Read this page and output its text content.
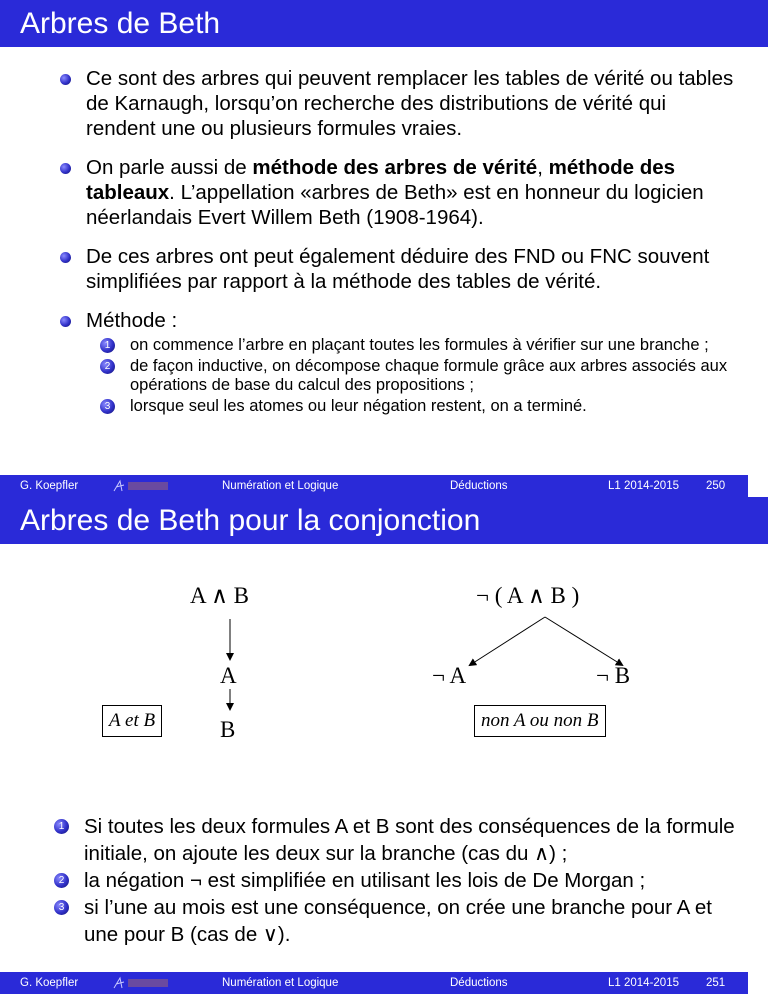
Arbres de Beth
Ce sont des arbres qui peuvent remplacer les tables de vérité ou tables de Karnaugh, lorsqu’on recherche des distributions de vérité qui rendent une ou plusieurs formules vraies.
On parle aussi de méthode des arbres de vérité, méthode des tableaux. L’appellation «arbres de Beth» est en honneur du logicien néerlandais Evert Willem Beth (1908-1964).
De ces arbres ont peut également déduire des FND ou FNC souvent simplifiées par rapport à la méthode des tables de vérité.
Méthode :
1 on commence l’arbre en plaçant toutes les formules à vérifier sur une branche ;
2 de façon inductive, on décompose chaque formule grâce aux arbres associés aux opérations de base du calcul des propositions ;
3 lorsque seul les atomes ou leur négation restent, on a terminé.
G. Koepfler	Numération et Logique	Déductions	L1 2014-2015 250
Arbres de Beth pour la conjonction
A ∧ B
A
B
A et B
¬ ( A ∧ B )
¬ A	¬ B
non A ou non B
1 Si toutes les deux formules A et B sont des conséquences de la formule initiale, on ajoute les deux sur la branche (cas du ∧) ;
2 la négation ¬ est simplifiée en utilisant les lois de De Morgan ;
3 si l’une au mois est une conséquence, on crée une branche pour A et une pour B (cas de ∨).
G. Koepfler	Numération et Logique	Déductions	L1 2014-2015 251
